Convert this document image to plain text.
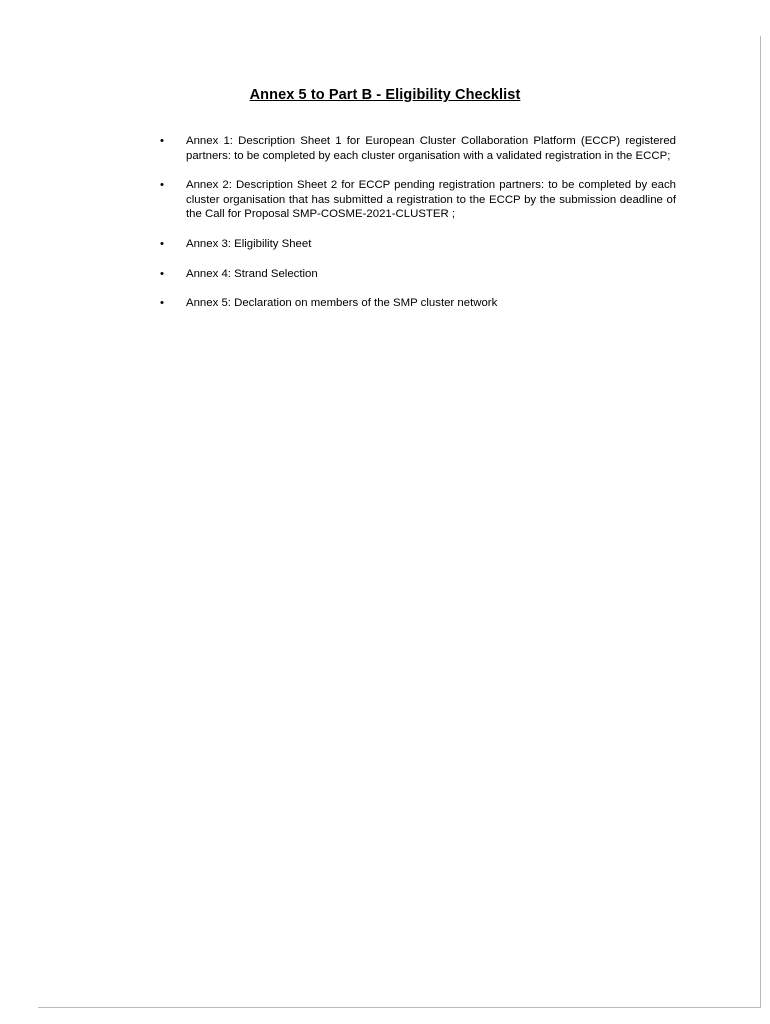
Annex 5 to Part B - Eligibility Checklist
• Annex 1: Description Sheet 1 for European Cluster Collaboration Platform (ECCP) registered partners: to be completed by each cluster organisation with a validated registration in the ECCP;
• Annex 2: Description Sheet 2 for ECCP pending registration partners: to be completed by each cluster organisation that has submitted a registration to the ECCP by the submission deadline of the Call for Proposal SMP-COSME-2021-CLUSTER ;
• Annex 3: Eligibility Sheet
• Annex 4: Strand Selection
• Annex 5: Declaration on members of the SMP cluster network
